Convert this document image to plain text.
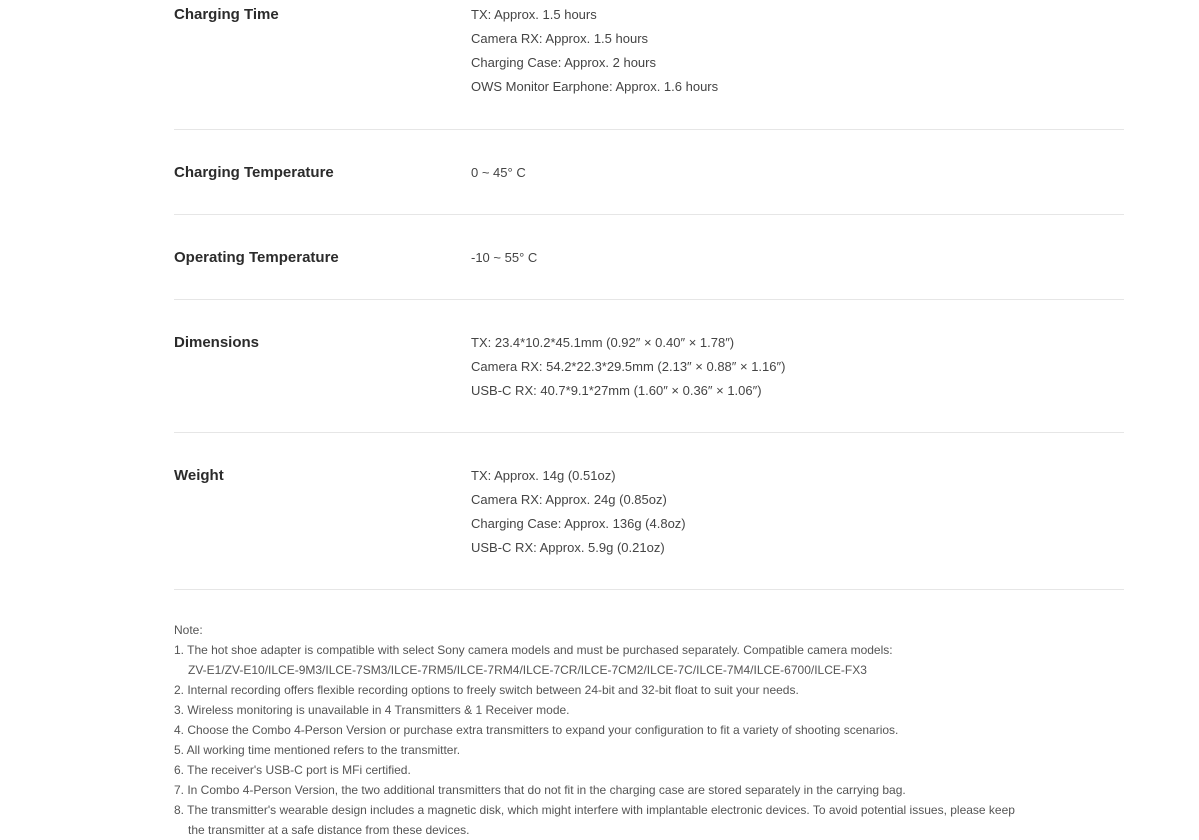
Charging Time	TX: Approx. 1.5 hours
Camera RX: Approx. 1.5 hours
Charging Case: Approx. 2 hours
OWS Monitor Earphone: Approx. 1.6 hours
Charging Temperature	0 ~ 45° C
Operating Temperature	-10 ~ 55° C
Dimensions	TX: 23.4*10.2*45.1mm (0.92″ × 0.40″ × 1.78″)
Camera RX: 54.2*22.3*29.5mm (2.13″ × 0.88″ × 1.16″)
USB-C RX: 40.7*9.1*27mm (1.60″ × 0.36″ × 1.06″)
Weight	TX: Approx. 14g (0.51oz)
Camera RX: Approx. 24g (0.85oz)
Charging Case: Approx. 136g (4.8oz)
USB-C RX: Approx. 5.9g (0.21oz)
Note:
1. The hot shoe adapter is compatible with select Sony camera models and must be purchased separately. Compatible camera models:
ZV-E1/ZV-E10/ILCE-9M3/ILCE-7SM3/ILCE-7RM5/ILCE-7RM4/ILCE-7CR/ILCE-7CM2/ILCE-7C/ILCE-7M4/ILCE-6700/ILCE-FX3
2. Internal recording offers flexible recording options to freely switch between 24-bit and 32-bit float to suit your needs.
3. Wireless monitoring is unavailable in 4 Transmitters & 1 Receiver mode.
4. Choose the Combo 4-Person Version or purchase extra transmitters to expand your configuration to fit a variety of shooting scenarios.
5. All working time mentioned refers to the transmitter.
6. The receiver's USB-C port is MFi certified.
7. In Combo 4-Person Version, the two additional transmitters that do not fit in the charging case are stored separately in the carrying bag.
8. The transmitter's wearable design includes a magnetic disk, which might interfere with implantable electronic devices. To avoid potential issues, please keep
the transmitter at a safe distance from these devices.
